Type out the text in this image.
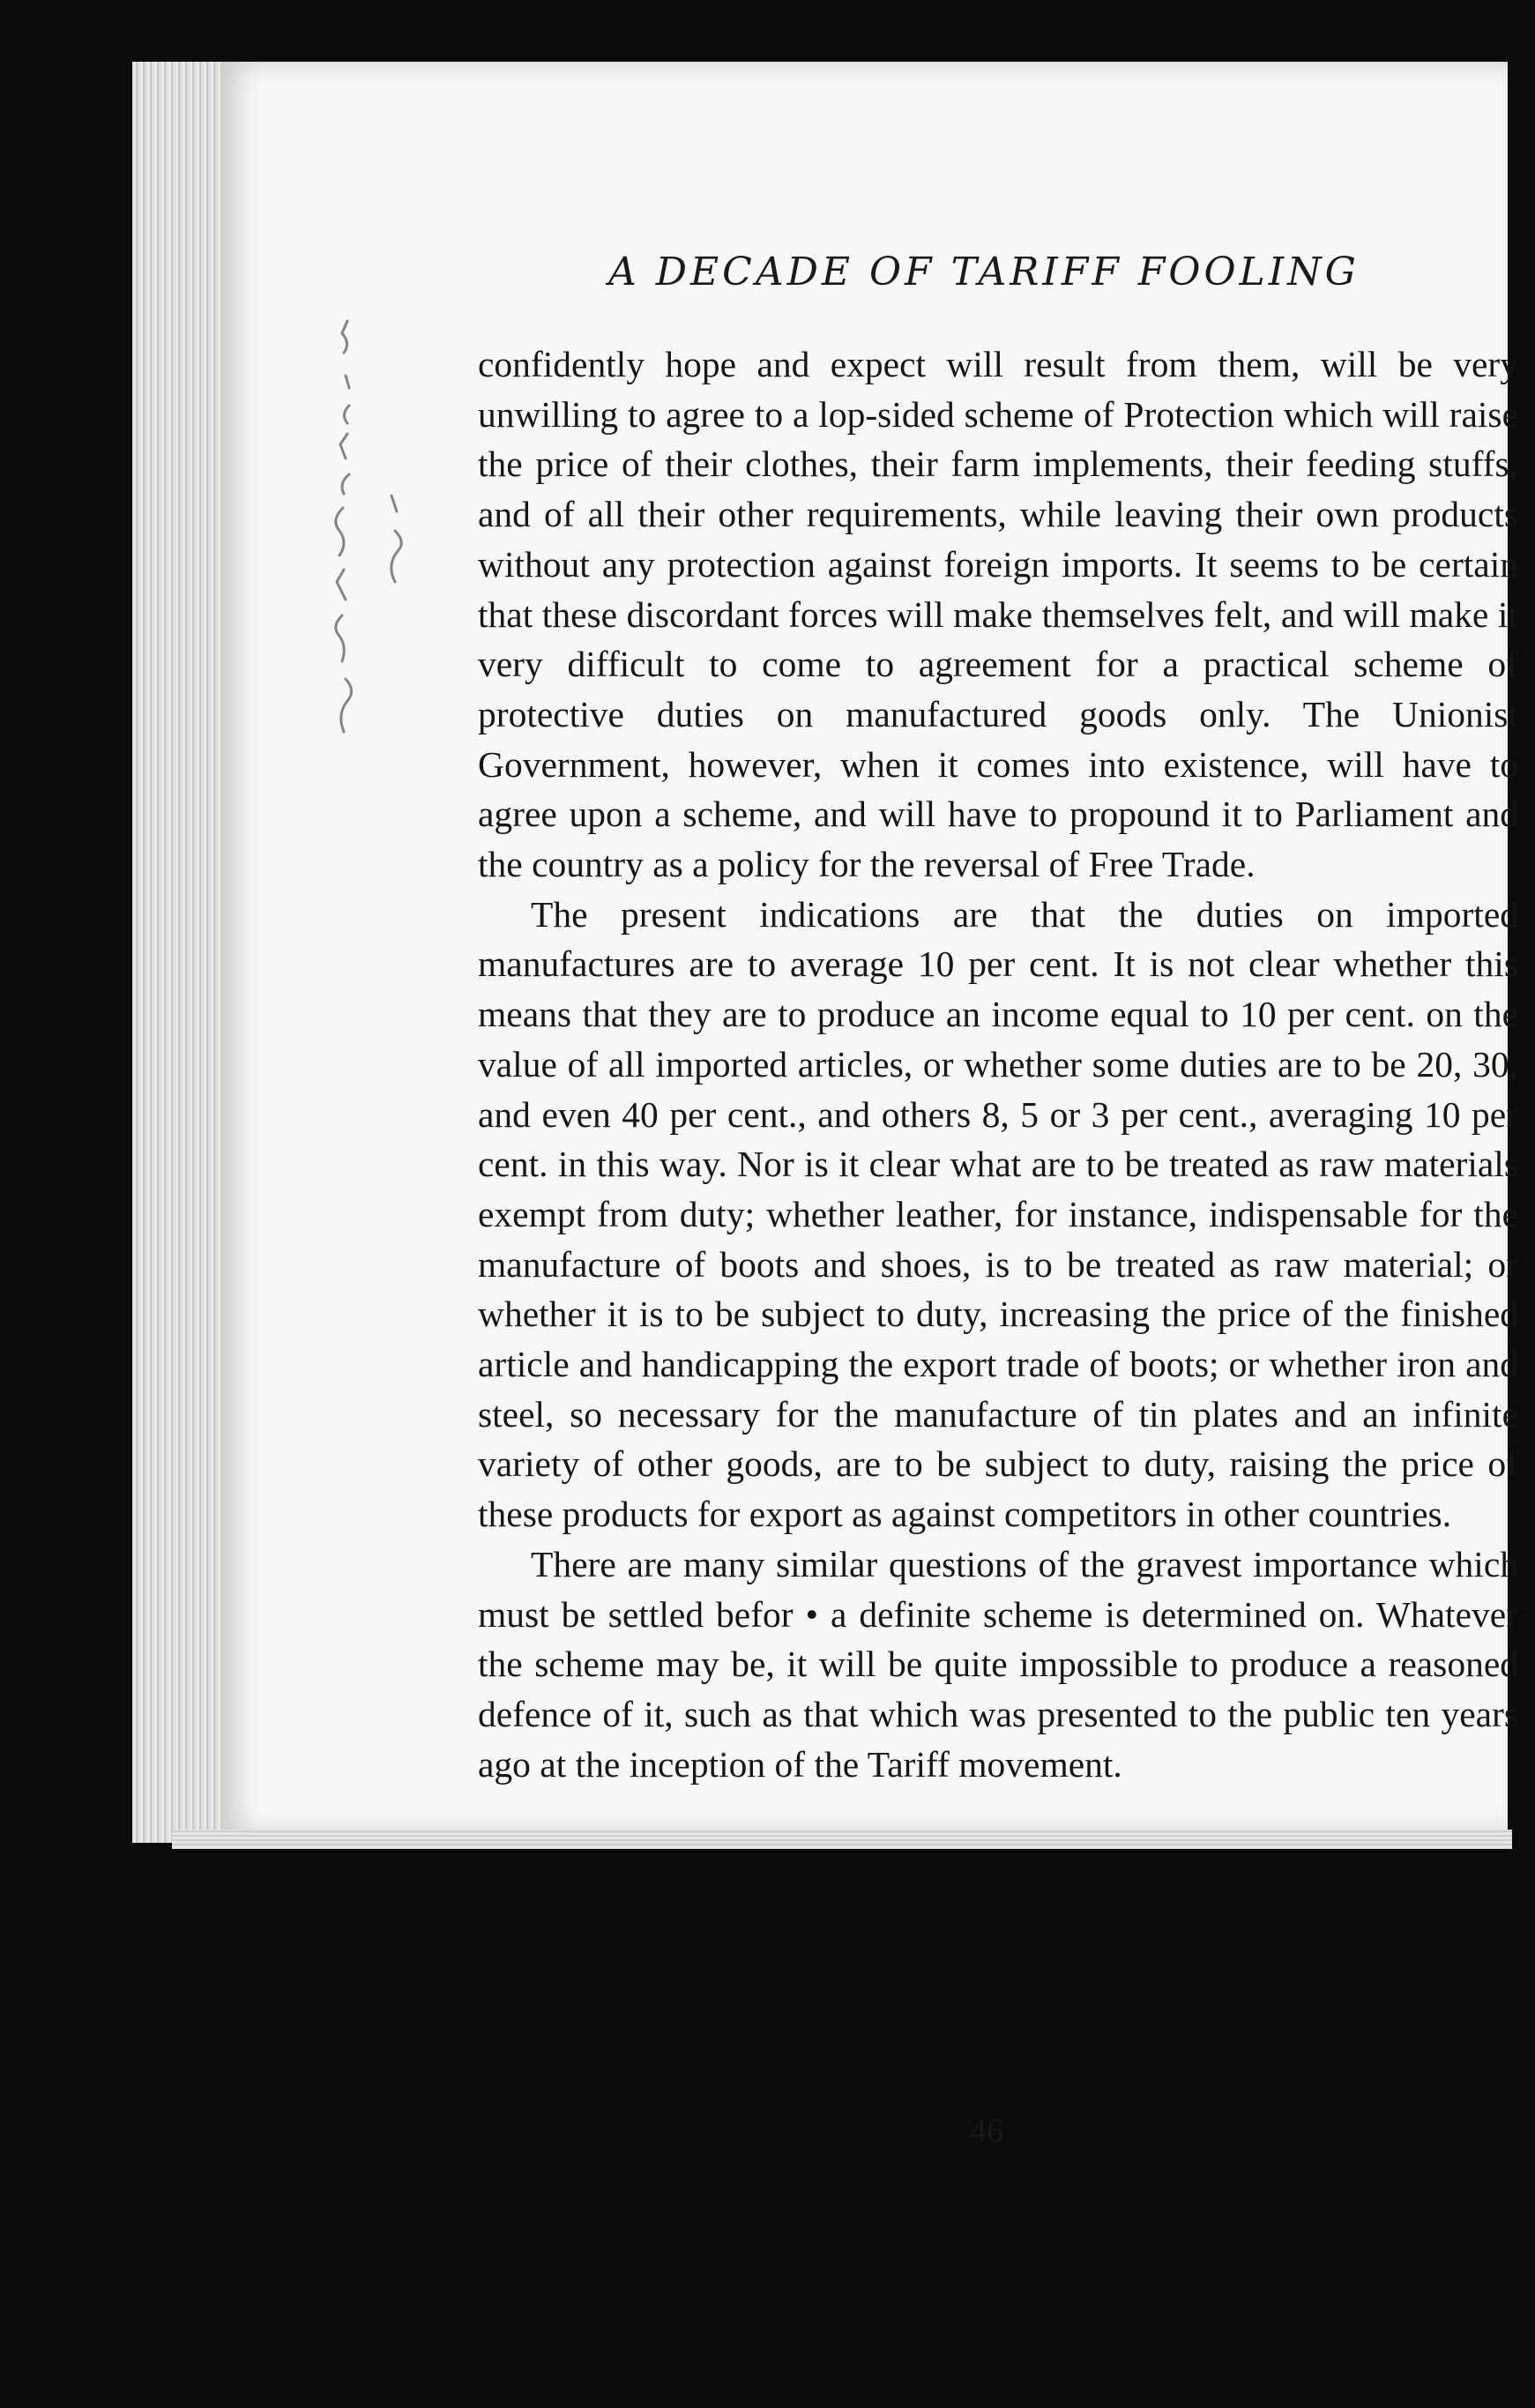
A DECADE OF TARIFF FOOLING

confidently hope and expect will result from them, will be very unwilling to agree to a lop-sided scheme of Protection which will raise the price of their clothes, their farm implements, their feeding stuffs, and of all their other requirements, while leaving their own products without any protection against foreign imports. It seems to be certain that these discordant forces will make themselves felt, and will make it very difficult to come to agreement for a practical scheme of protective duties on manufactured goods only. The Unionist Government, however, when it comes into existence, will have to agree upon a scheme, and will have to propound it to Parliament and the country as a policy for the reversal of Free Trade.

The present indications are that the duties on imported manufactures are to average 10 per cent. It is not clear whether this means that they are to produce an income equal to 10 per cent. on the value of all imported articles, or whether some duties are to be 20, 30, and even 40 per cent., and others 8, 5 or 3 per cent., averaging 10 per cent. in this way. Nor is it clear what are to be treated as raw materials exempt from duty; whether leather, for instance, indispensable for the manufacture of boots and shoes, is to be treated as raw material; or whether it is to be subject to duty, increasing the price of the finished article and handicapping the export trade of boots; or whether iron and steel, so necessary for the manufacture of tin plates and an infinite variety of other goods, are to be subject to duty, raising the price of these products for export as against competitors in other countries.

There are many similar questions of the gravest importance which must be settled befor • a definite scheme is determined on. Whatever the scheme may be, it will be quite impossible to produce a reasoned defence of it, such as that which was presented to the public ten years ago at the inception of the Tariff movement.

46
